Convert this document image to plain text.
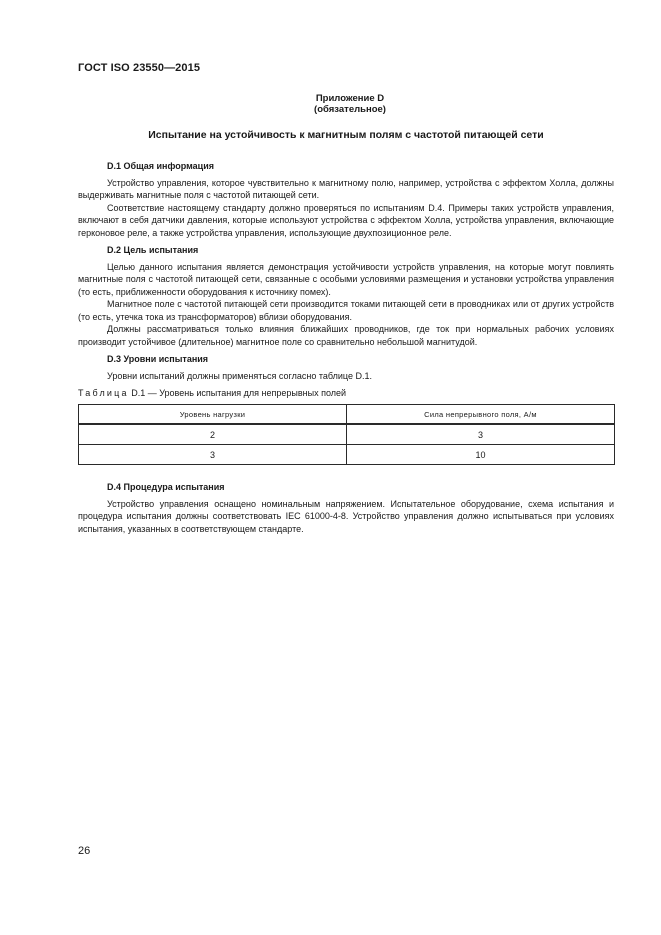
ГОСТ ISO 23550—2015
Приложение D
(обязательное)
Испытание на устойчивость к магнитным полям с частотой питающей сети

D.1 Общая информация

Устройство управления, которое чувствительно к магнитному полю, например, устройства с эффектом Холла, должны выдерживать магнитные поля с частотой питающей сети.

Соответствие настоящему стандарту должно проверяться по испытаниям D.4. Примеры таких устройств управления, включают в себя датчики давления, которые используют устройства с эффектом Холла, устройства управления, включающие герконовое реле, а также устройства управления, использующие двухпозиционное реле.

D.2 Цель испытания

Целью данного испытания является демонстрация устойчивости устройств управления, на которые могут повлиять магнитные поля с частотой питающей сети, связанные с особыми условиями размещения и установки устройства управления (то есть, приближенности оборудования к источнику помех).

Магнитное поле с частотой питающей сети производится токами питающей сети в проводниках или от других устройств (то есть, утечка тока из трансформаторов) вблизи оборудования.

Должны рассматриваться только влияния ближайших проводников, где ток при нормальных рабочих условиях производит устойчивое (длительное) магнитное поле со сравнительно небольшой магнитудой.

D.3 Уровни испытания

Уровни испытаний должны применяться согласно таблице D.1.

Таблица D.1 — Уровень испытания для непрерывных полей
Уровень нагрузки	Сила непрерывного поля, А/м
2	3
3	10

D.4 Процедура испытания

Устройство управления оснащено номинальным напряжением. Испытательное оборудование, схема испытания и процедура испытания должны соответствовать IEC 61000-4-8. Устройство управления должно испытываться при условиях испытания, указанных в соответствующем стандарте.

26
